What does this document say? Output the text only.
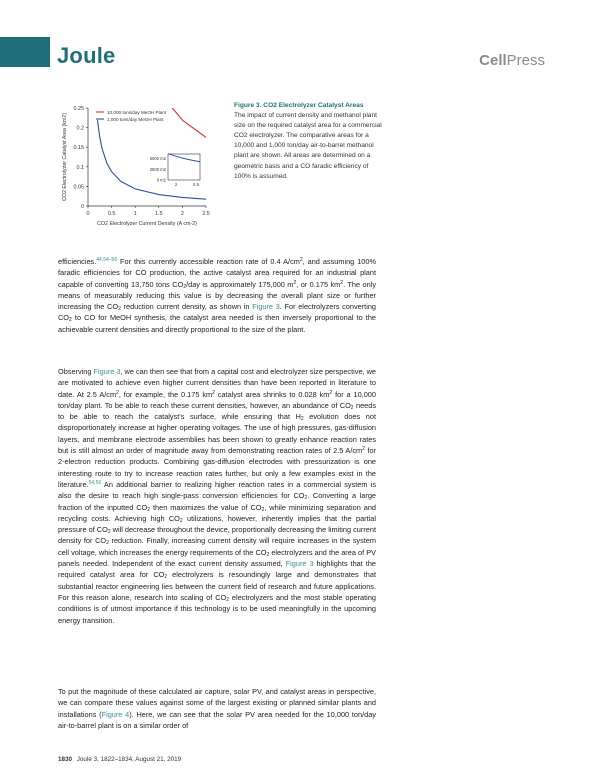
Joule	CellPress
0
0.05
0.1
0.15
0.2
0.25
0	0.5	1	1.5	2	2.5
CO2 Electrolyzer Current Density (A cm-2)
CO2 Electrolyzer Catalyst Area (km2)
10,000 tons/day MeOH Plant
1,000 tons/day MeOH Plant
0 m2
2500 m2
5000 m2
2	2.5
Figure 3. CO2 Electrolyzer Catalyst Areas
The impact of current density and methanol plant size on the required catalyst area for a commercial CO2 electrolyzer. The comparative areas for a 10,000 and 1,000 ton/day air-to-barrel methanol plant are shown. All areas are determined on a geometric basis and a CO faradic efficiency of 100% is assumed.
efficiencies.$^{44,54-56}$ For this currently accessible reaction rate of 0.4 $A/cm^2$, and assuming 100% faradic efficiencies for CO production, the active catalyst area required for an industrial plant capable of converting 13,750 tons $CO_2$/day is approximately 175,000 $m^2$, or 0.175 $km^2$. The only means of measurably reducing this value is by decreasing the overall plant size or further increasing the $CO_2$ reduction current density, as shown in Figure 3. For electrolyzers converting $CO_2$ to CO for MeOH synthesis, the catalyst area needed is then inversely proportional to the achievable current densities and directly proportional to the size of the plant.
Observing Figure 3, we can then see that from a capital cost and electrolyzer size perspective, we are motivated to achieve even higher current densities than have been reported in literature to date. At 2.5 $A/cm^2$, for example, the 0.175 $km^2$ catalyst area shrinks to 0.028 $km^2$ for a 10,000 ton/day plant. To be able to reach these current densities, however, an abundance of $CO_2$ needs to be able to reach the catalyst's surface, while ensuring that $H_2$ evolution does not disproportionately increase at higher operating voltages. The use of high pressures, gas-diffusion layers, and membrane electrode assemblies has been shown to greatly enhance reaction rates but is still almost an order of magnitude away from demonstrating reaction rates of 2.5 $A/cm^2$ for 2-electron reduction products. Combining gas-diffusion electrodes with pressurization is one interesting route to try to increase reaction rates further, but only a few examples exist in the literature.$^{54,56}$ An additional barrier to realizing higher reaction rates in a commercial system is also the desire to reach high single-pass conversion efficiencies for $CO_2$. Converting a large fraction of the inputted $CO_2$ then maximizes the value of $CO_2$, while minimizing separation and recycling costs. Achieving high $CO_2$ utilizations, however, inherently implies that the partial pressure of $CO_2$ will decrease throughout the device, proportionally decreasing the limiting current density for $CO_2$ reduction. Finally, increasing current density will require increases in the system cell voltage, which increases the energy requirements of the $CO_2$ electrolyzers and the area of PV panels needed. Independent of the exact current density assumed, Figure 3 highlights that the required catalyst area for $CO_2$ electrolyzers is resoundingly large and demonstrates that substantial reactor engineering lies between the current field of research and future applications. For this reason alone, research into scaling of $CO_2$ electrolyzers and the most stable operating conditions is of utmost importance if this technology is to be used meaningfully in the upcoming energy transition.
To put the magnitude of these calculated air capture, solar PV, and catalyst areas in perspective, we can compare these values against some of the largest existing or planned similar plants and installations (Figure 4). Here, we can see that the solar PV area needed for the 10,000 ton/day air-to-barrel plant is on a similar order of
1830 Joule 3, 1822–1834, August 21, 2019
